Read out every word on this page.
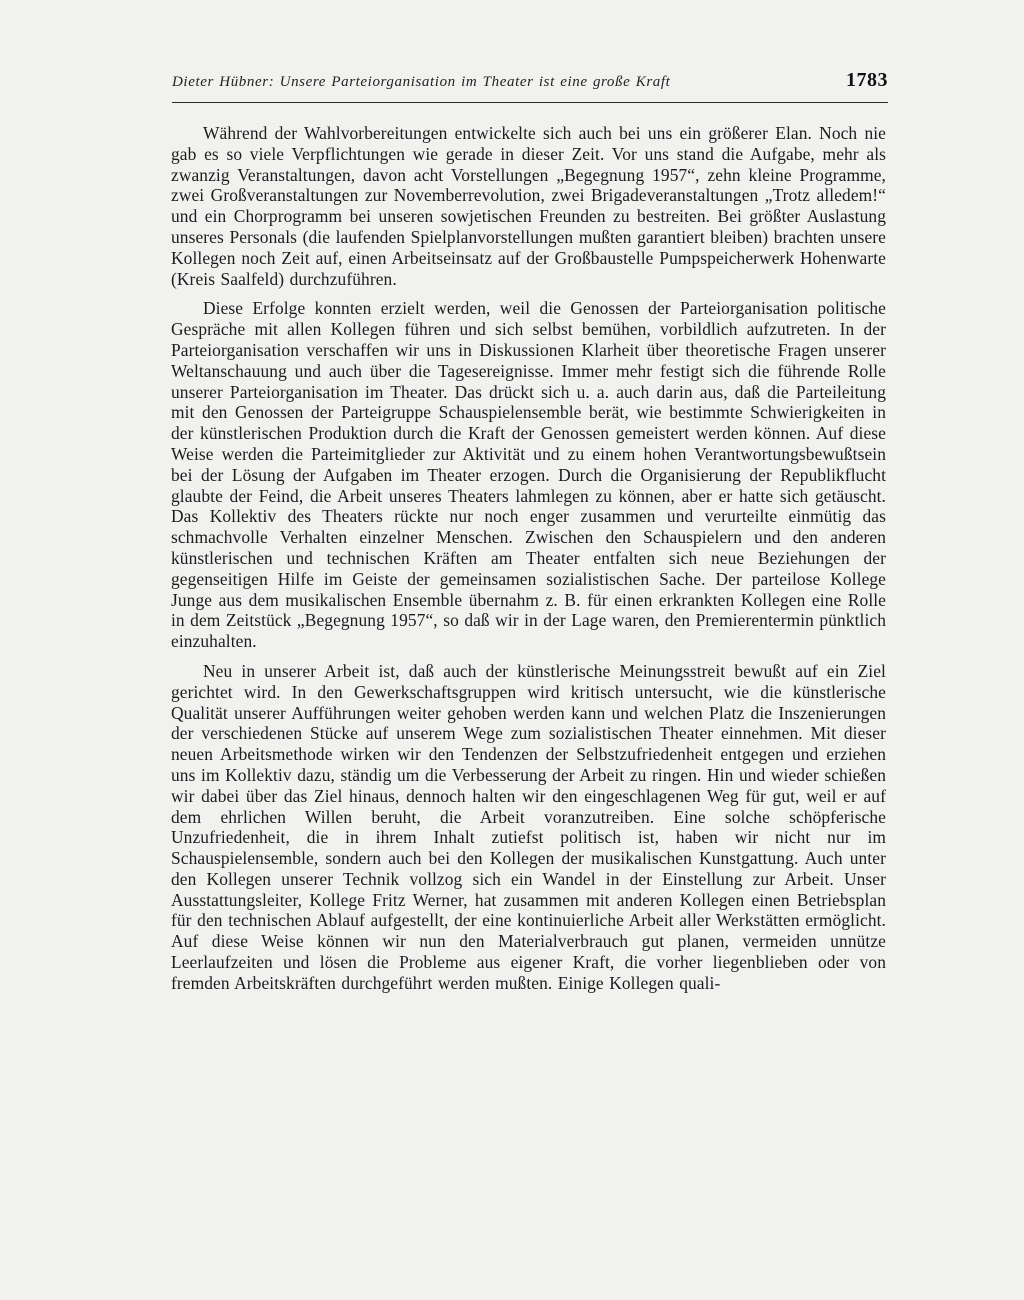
Dieter Hübner: Unsere Parteiorganisation im Theater ist eine große Kraft	1783

Während der Wahlvorbereitungen entwickelte sich auch bei uns ein größerer Elan. Noch nie gab es so viele Verpflichtungen wie gerade in dieser Zeit. Vor uns stand die Aufgabe, mehr als zwanzig Veranstaltungen, davon acht Vorstellungen „Begegnung 1957“, zehn kleine Programme, zwei Großveranstaltungen zur Novemberrevolution, zwei Brigadeveranstaltungen „Trotz alledem!“ und ein Chorprogramm bei unseren sowjetischen Freunden zu bestreiten. Bei größter Auslastung unseres Personals (die laufenden Spielplanvorstellungen mußten garantiert bleiben) brachten unsere Kollegen noch Zeit auf, einen Arbeitseinsatz auf der Großbaustelle Pumpspeicherwerk Hohenwarte (Kreis Saalfeld) durchzuführen.

Diese Erfolge konnten erzielt werden, weil die Genossen der Parteiorganisation politische Gespräche mit allen Kollegen führen und sich selbst bemühen, vorbildlich aufzutreten. In der Parteiorganisation verschaffen wir uns in Diskussionen Klarheit über theoretische Fragen unserer Weltanschauung und auch über die Tagesereignisse. Immer mehr festigt sich die führende Rolle unserer Parteiorganisation im Theater. Das drückt sich u. a. auch darin aus, daß die Parteileitung mit den Genossen der Parteigruppe Schauspielensemble berät, wie bestimmte Schwierigkeiten in der künstlerischen Produktion durch die Kraft der Genossen gemeistert werden können. Auf diese Weise werden die Parteimitglieder zur Aktivität und zu einem hohen Verantwortungsbewußtsein bei der Lösung der Aufgaben im Theater erzogen. Durch die Organisierung der Republikflucht glaubte der Feind, die Arbeit unseres Theaters lahmlegen zu können, aber er hatte sich getäuscht. Das Kollektiv des Theaters rückte nur noch enger zusammen und verurteilte einmütig das schmachvolle Verhalten einzelner Menschen. Zwischen den Schauspielern und den anderen künstlerischen und technischen Kräften am Theater entfalten sich neue Beziehungen der gegenseitigen Hilfe im Geiste der gemeinsamen sozialistischen Sache. Der parteilose Kollege Junge aus dem musikalischen Ensemble übernahm z. B. für einen erkrankten Kollegen eine Rolle in dem Zeitstück „Begegnung 1957“, so daß wir in der Lage waren, den Premierentermin pünktlich einzuhalten.

Neu in unserer Arbeit ist, daß auch der künstlerische Meinungsstreit bewußt auf ein Ziel gerichtet wird. In den Gewerkschaftsgruppen wird kritisch untersucht, wie die künstlerische Qualität unserer Aufführungen weiter gehoben werden kann und welchen Platz die Inszenierungen der verschiedenen Stücke auf unserem Wege zum sozialistischen Theater einnehmen. Mit dieser neuen Arbeitsmethode wirken wir den Tendenzen der Selbstzufriedenheit entgegen und erziehen uns im Kollektiv dazu, ständig um die Verbesserung der Arbeit zu ringen. Hin und wieder schießen wir dabei über das Ziel hinaus, dennoch halten wir den eingeschlagenen Weg für gut, weil er auf dem ehrlichen Willen beruht, die Arbeit voranzutreiben. Eine solche schöpferische Unzufriedenheit, die in ihrem Inhalt zutiefst politisch ist, haben wir nicht nur im Schauspielensemble, sondern auch bei den Kollegen der musikalischen Kunstgattung. Auch unter den Kollegen unserer Technik vollzog sich ein Wandel in der Einstellung zur Arbeit. Unser Ausstattungsleiter, Kollege Fritz Werner, hat zusammen mit anderen Kollegen einen Betriebsplan für den technischen Ablauf aufgestellt, der eine kontinuierliche Arbeit aller Werkstätten ermöglicht. Auf diese Weise können wir nun den Materialverbrauch gut planen, vermeiden unnütze Leerlaufzeiten und lösen die Probleme aus eigener Kraft, die vorher liegenblieben oder von fremden Arbeitskräften durchgeführt werden mußten. Einige Kollegen quali-
